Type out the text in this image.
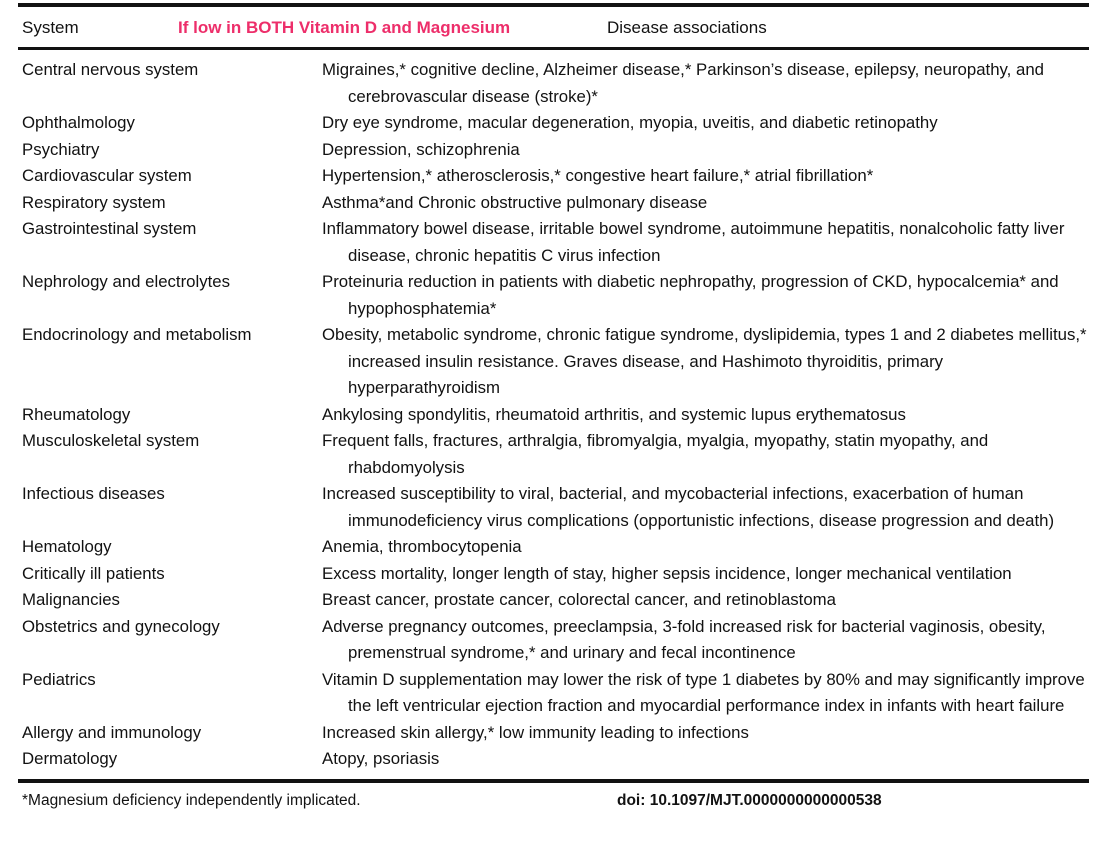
System	If low in BOTH Vitamin D and Magnesium	Disease associations
Central nervous system	Migraines,* cognitive decline, Alzheimer disease,* Parkinson’s disease, epilepsy, neuropathy, and cerebrovascular disease (stroke)*
Ophthalmology	Dry eye syndrome, macular degeneration, myopia, uveitis, and diabetic retinopathy
Psychiatry	Depression, schizophrenia
Cardiovascular system	Hypertension,* atherosclerosis,* congestive heart failure,* atrial fibrillation*
Respiratory system	Asthma*and Chronic obstructive pulmonary disease
Gastrointestinal system	Inflammatory bowel disease, irritable bowel syndrome, autoimmune hepatitis, nonalcoholic fatty liver disease, chronic hepatitis C virus infection
Nephrology and electrolytes	Proteinuria reduction in patients with diabetic nephropathy, progression of CKD, hypocalcemia* and hypophosphatemia*
Endocrinology and metabolism	Obesity, metabolic syndrome, chronic fatigue syndrome, dyslipidemia, types 1 and 2 diabetes mellitus,* increased insulin resistance. Graves disease, and Hashimoto thyroiditis, primary hyperparathyroidism
Rheumatology	Ankylosing spondylitis, rheumatoid arthritis, and systemic lupus erythematosus
Musculoskeletal system	Frequent falls, fractures, arthralgia, fibromyalgia, myalgia, myopathy, statin myopathy, and rhabdomyolysis
Infectious diseases	Increased susceptibility to viral, bacterial, and mycobacterial infections, exacerbation of human immunodeficiency virus complications (opportunistic infections, disease progression and death)
Hematology	Anemia, thrombocytopenia
Critically ill patients	Excess mortality, longer length of stay, higher sepsis incidence, longer mechanical ventilation
Malignancies	Breast cancer, prostate cancer, colorectal cancer, and retinoblastoma
Obstetrics and gynecology	Adverse pregnancy outcomes, preeclampsia, 3-fold increased risk for bacterial vaginosis, obesity, premenstrual syndrome,* and urinary and fecal incontinence
Pediatrics	Vitamin D supplementation may lower the risk of type 1 diabetes by 80% and may significantly improve the left ventricular ejection fraction and myocardial performance index in infants with heart failure
Allergy and immunology	Increased skin allergy,* low immunity leading to infections
Dermatology	Atopy, psoriasis
*Magnesium deficiency independently implicated.	doi: 10.1097/MJT.0000000000000538
